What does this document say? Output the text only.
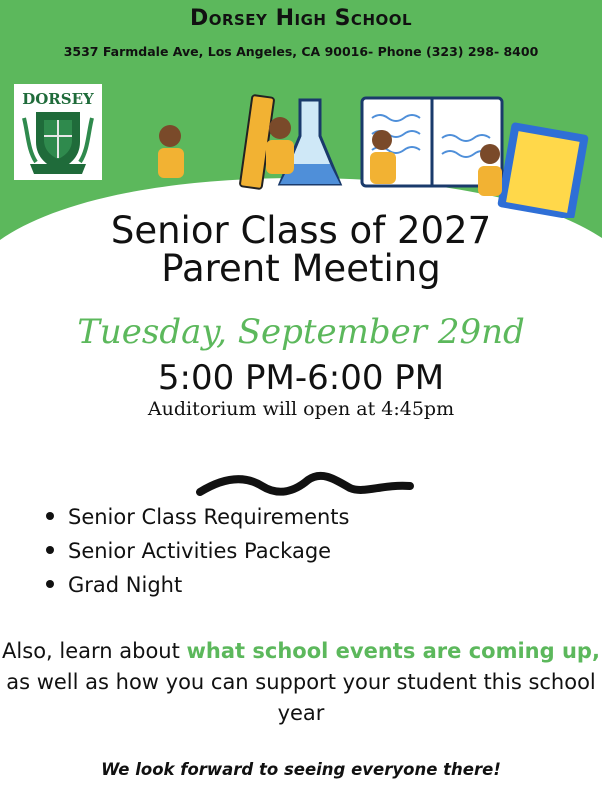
Dorsey High School
3537 Farmdale Ave, Los Angeles, CA 90016- Phone (323) 298- 8400
DORSEY
Senior Class of 2027
Parent Meeting
Tuesday, September 29nd
5:00 PM-6:00 PM
Auditorium will open at 4:45pm
Senior Class Requirements
Senior Activities Package
Grad Night
Also, learn about what school events are coming up, as well as how you can support your student this school year
We look forward to seeing everyone there!
